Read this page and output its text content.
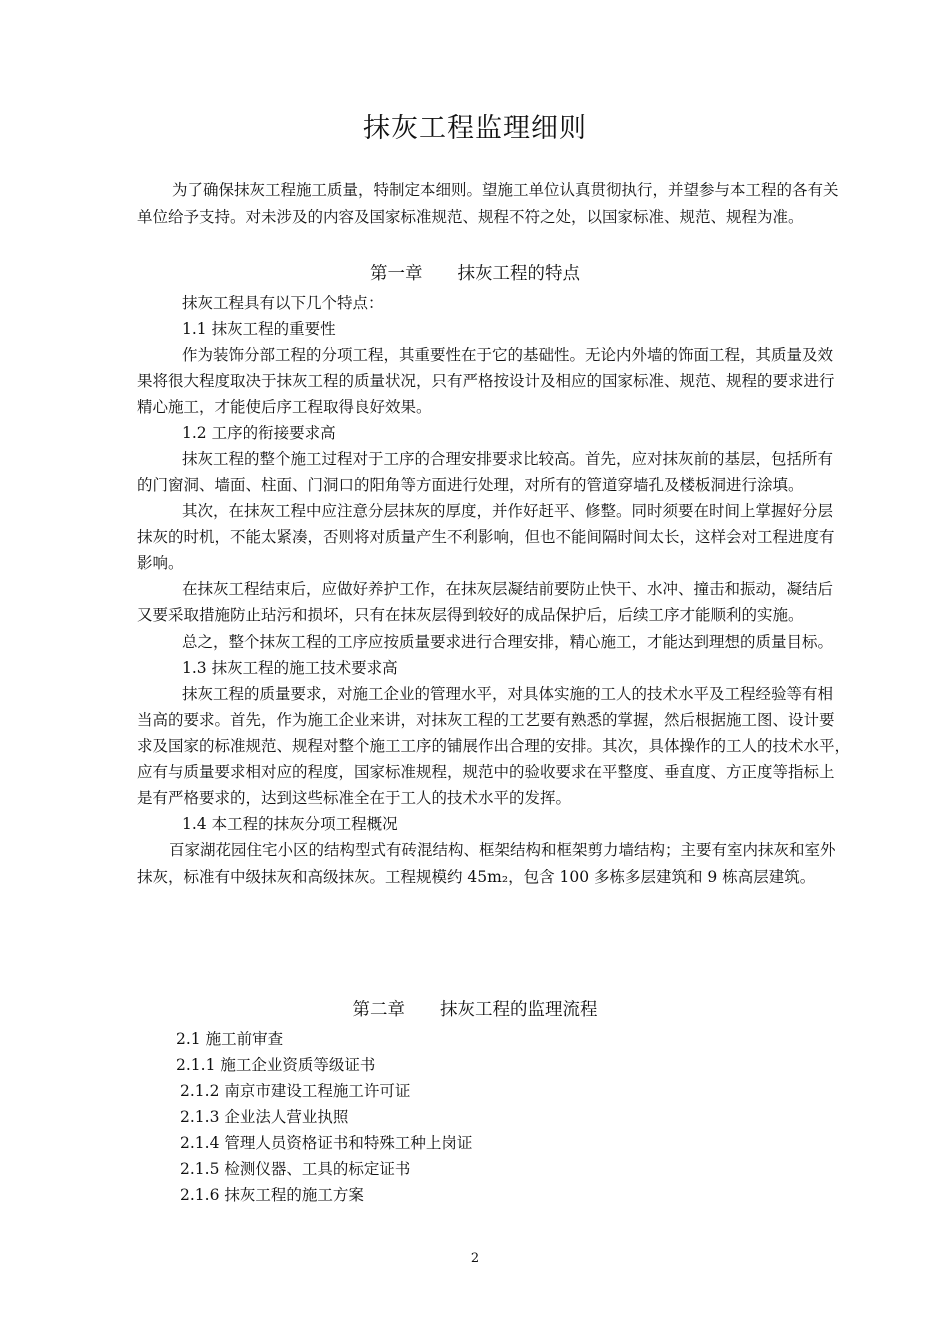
抹灰工程监理细则
为了确保抹灰工程施工质量，特制定本细则。望施工单位认真贯彻执行，并望参与本工程的各有关
单位给予支持。对未涉及的内容及国家标准规范、规程不符之处，以国家标准、规范、规程为准。
第一章　　抹灰工程的特点
抹灰工程具有以下几个特点：
1.1 抹灰工程的重要性
作为装饰分部工程的分项工程，其重要性在于它的基础性。无论内外墙的饰面工程，其质量及效
果将很大程度取决于抹灰工程的质量状况，只有严格按设计及相应的国家标准、规范、规程的要求进行
精心施工，才能使后序工程取得良好效果。
1.2 工序的衔接要求高
抹灰工程的整个施工过程对于工序的合理安排要求比较高。首先，应对抹灰前的基层，包括所有
的门窗洞、墙面、柱面、门洞口的阳角等方面进行处理，对所有的管道穿墙孔及楼板洞进行涂填。
其次，在抹灰工程中应注意分层抹灰的厚度，并作好赶平、修整。同时须要在时间上掌握好分层
抹灰的时机，不能太紧凑，否则将对质量产生不利影响，但也不能间隔时间太长，这样会对工程进度有
影响。
在抹灰工程结束后，应做好养护工作，在抹灰层凝结前要防止快干、水冲、撞击和振动，凝结后
又要采取措施防止玷污和损坏，只有在抹灰层得到较好的成品保护后，后续工序才能顺利的实施。
总之，整个抹灰工程的工序应按质量要求进行合理安排，精心施工，才能达到理想的质量目标。
1.3 抹灰工程的施工技术要求高
抹灰工程的质量要求，对施工企业的管理水平，对具体实施的工人的技术水平及工程经验等有相
当高的要求。首先，作为施工企业来讲，对抹灰工程的工艺要有熟悉的掌握，然后根据施工图、设计要
求及国家的标准规范、规程对整个施工工序的铺展作出合理的安排。其次，具体操作的工人的技术水平，
应有与质量要求相对应的程度，国家标准规程，规范中的验收要求在平整度、垂直度、方正度等指标上
是有严格要求的，达到这些标准全在于工人的技术水平的发挥。
1.4 本工程的抹灰分项工程概况
百家湖花园住宅小区的结构型式有砖混结构、框架结构和框架剪力墙结构；主要有室内抹灰和室外
抹灰，标准有中级抹灰和高级抹灰。工程规模约 45m₂，包含 100 多栋多层建筑和 9 栋高层建筑。
第二章　　抹灰工程的监理流程
2.1 施工前审查
2.1.1 施工企业资质等级证书
2.1.2 南京市建设工程施工许可证
2.1.3 企业法人营业执照
2.1.4 管理人员资格证书和特殊工种上岗证
2.1.5 检测仪器、工具的标定证书
2.1.6 抹灰工程的施工方案
2
